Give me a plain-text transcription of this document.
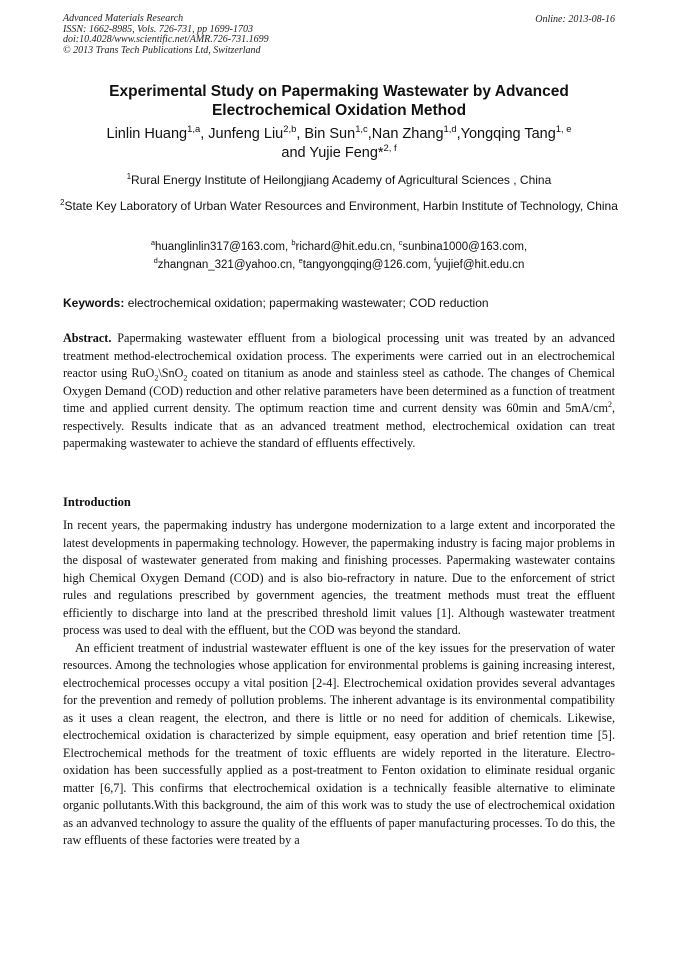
Advanced Materials Research
ISSN: 1662-8985, Vols. 726-731, pp 1699-1703
doi:10.4028/www.scientific.net/AMR.726-731.1699
© 2013 Trans Tech Publications Ltd, Switzerland
Online: 2013-08-16
Experimental Study on Papermaking Wastewater by Advanced Electrochemical Oxidation Method
Linlin Huang$^{1,a}$, Junfeng Liu$^{2,b}$, Bin Sun$^{1,c}$,Nan Zhang$^{1,d}$,Yongqing Tang$^{1, e}$
and Yujie Feng*$^{2, f}$
$^1$Rural Energy Institute of Heilongjiang Academy of Agricultural Sciences , China
$^2$State Key Laboratory of Urban Water Resources and Environment, Harbin Institute of Technology, China
$^a$huanglinlin317@163.com, $^b$richard@hit.edu.cn, $^c$sunbina1000@163.com,
$^d$zhangnan_321@yahoo.cn, $^e$tangyongqing@126.com, $^f$yujief@hit.edu.cn
Keywords: electrochemical oxidation; papermaking wastewater; COD reduction
Abstract. Papermaking wastewater effluent from a biological processing unit was treated by an advanced treatment method-electrochemical oxidation process. The experiments were carried out in an electrochemical reactor using RuO$_2$\SnO$_2$ coated on titanium as anode and stainless steel as cathode. The changes of Chemical Oxygen Demand (COD) reduction and other relative parameters have been determined as a function of treatment time and applied current density. The optimum reaction time and current density was 60min and $5mA/cm^2$, respectively. Results indicate that as an advanced treatment method, electrochemical oxidation can treat papermaking wastewater to achieve the standard of effluents effectively.
Introduction

In recent years, the papermaking industry has undergone modernization to a large extent and incorporated the latest developments in papermaking technology. However, the papermaking industry is facing major problems in the disposal of wastewater generated from making and finishing processes. Papermaking wastewater contains high Chemical Oxygen Demand (COD) and is also bio-refractory in nature. Due to the enforcement of strict rules and regulations prescribed by government agencies, the treatment methods must treat the effluent efficiently to discharge into land at the prescribed threshold limit values [1]. Although wastewater treatment process was used to deal with the effluent, but the COD was beyond the standard.

An efficient treatment of industrial wastewater effluent is one of the key issues for the preservation of water resources. Among the technologies whose application for environmental problems is gaining increasing interest, electrochemical processes occupy a vital position [2-4]. Electrochemical oxidation provides several advantages for the prevention and remedy of pollution problems. The inherent advantage is its environmental compatibility as it uses a clean reagent, the electron, and there is little or no need for addition of chemicals. Likewise, electrochemical oxidation is characterized by simple equipment, easy operation and brief retention time [5]. Electrochemical methods for the treatment of toxic effluents are widely reported in the literature. Electro-oxidation has been successfully applied as a post-treatment to Fenton oxidation to eliminate residual organic matter [6,7]. This confirms that electrochemical oxidation is a technically feasible alternative to eliminate organic pollutants.With this background, the aim of this work was to study the use of electrochemical oxidation as an advanved technology to assure the quality of the effluents of paper manufacturing processes. To do this, the raw effluents of these factories were treated by a
